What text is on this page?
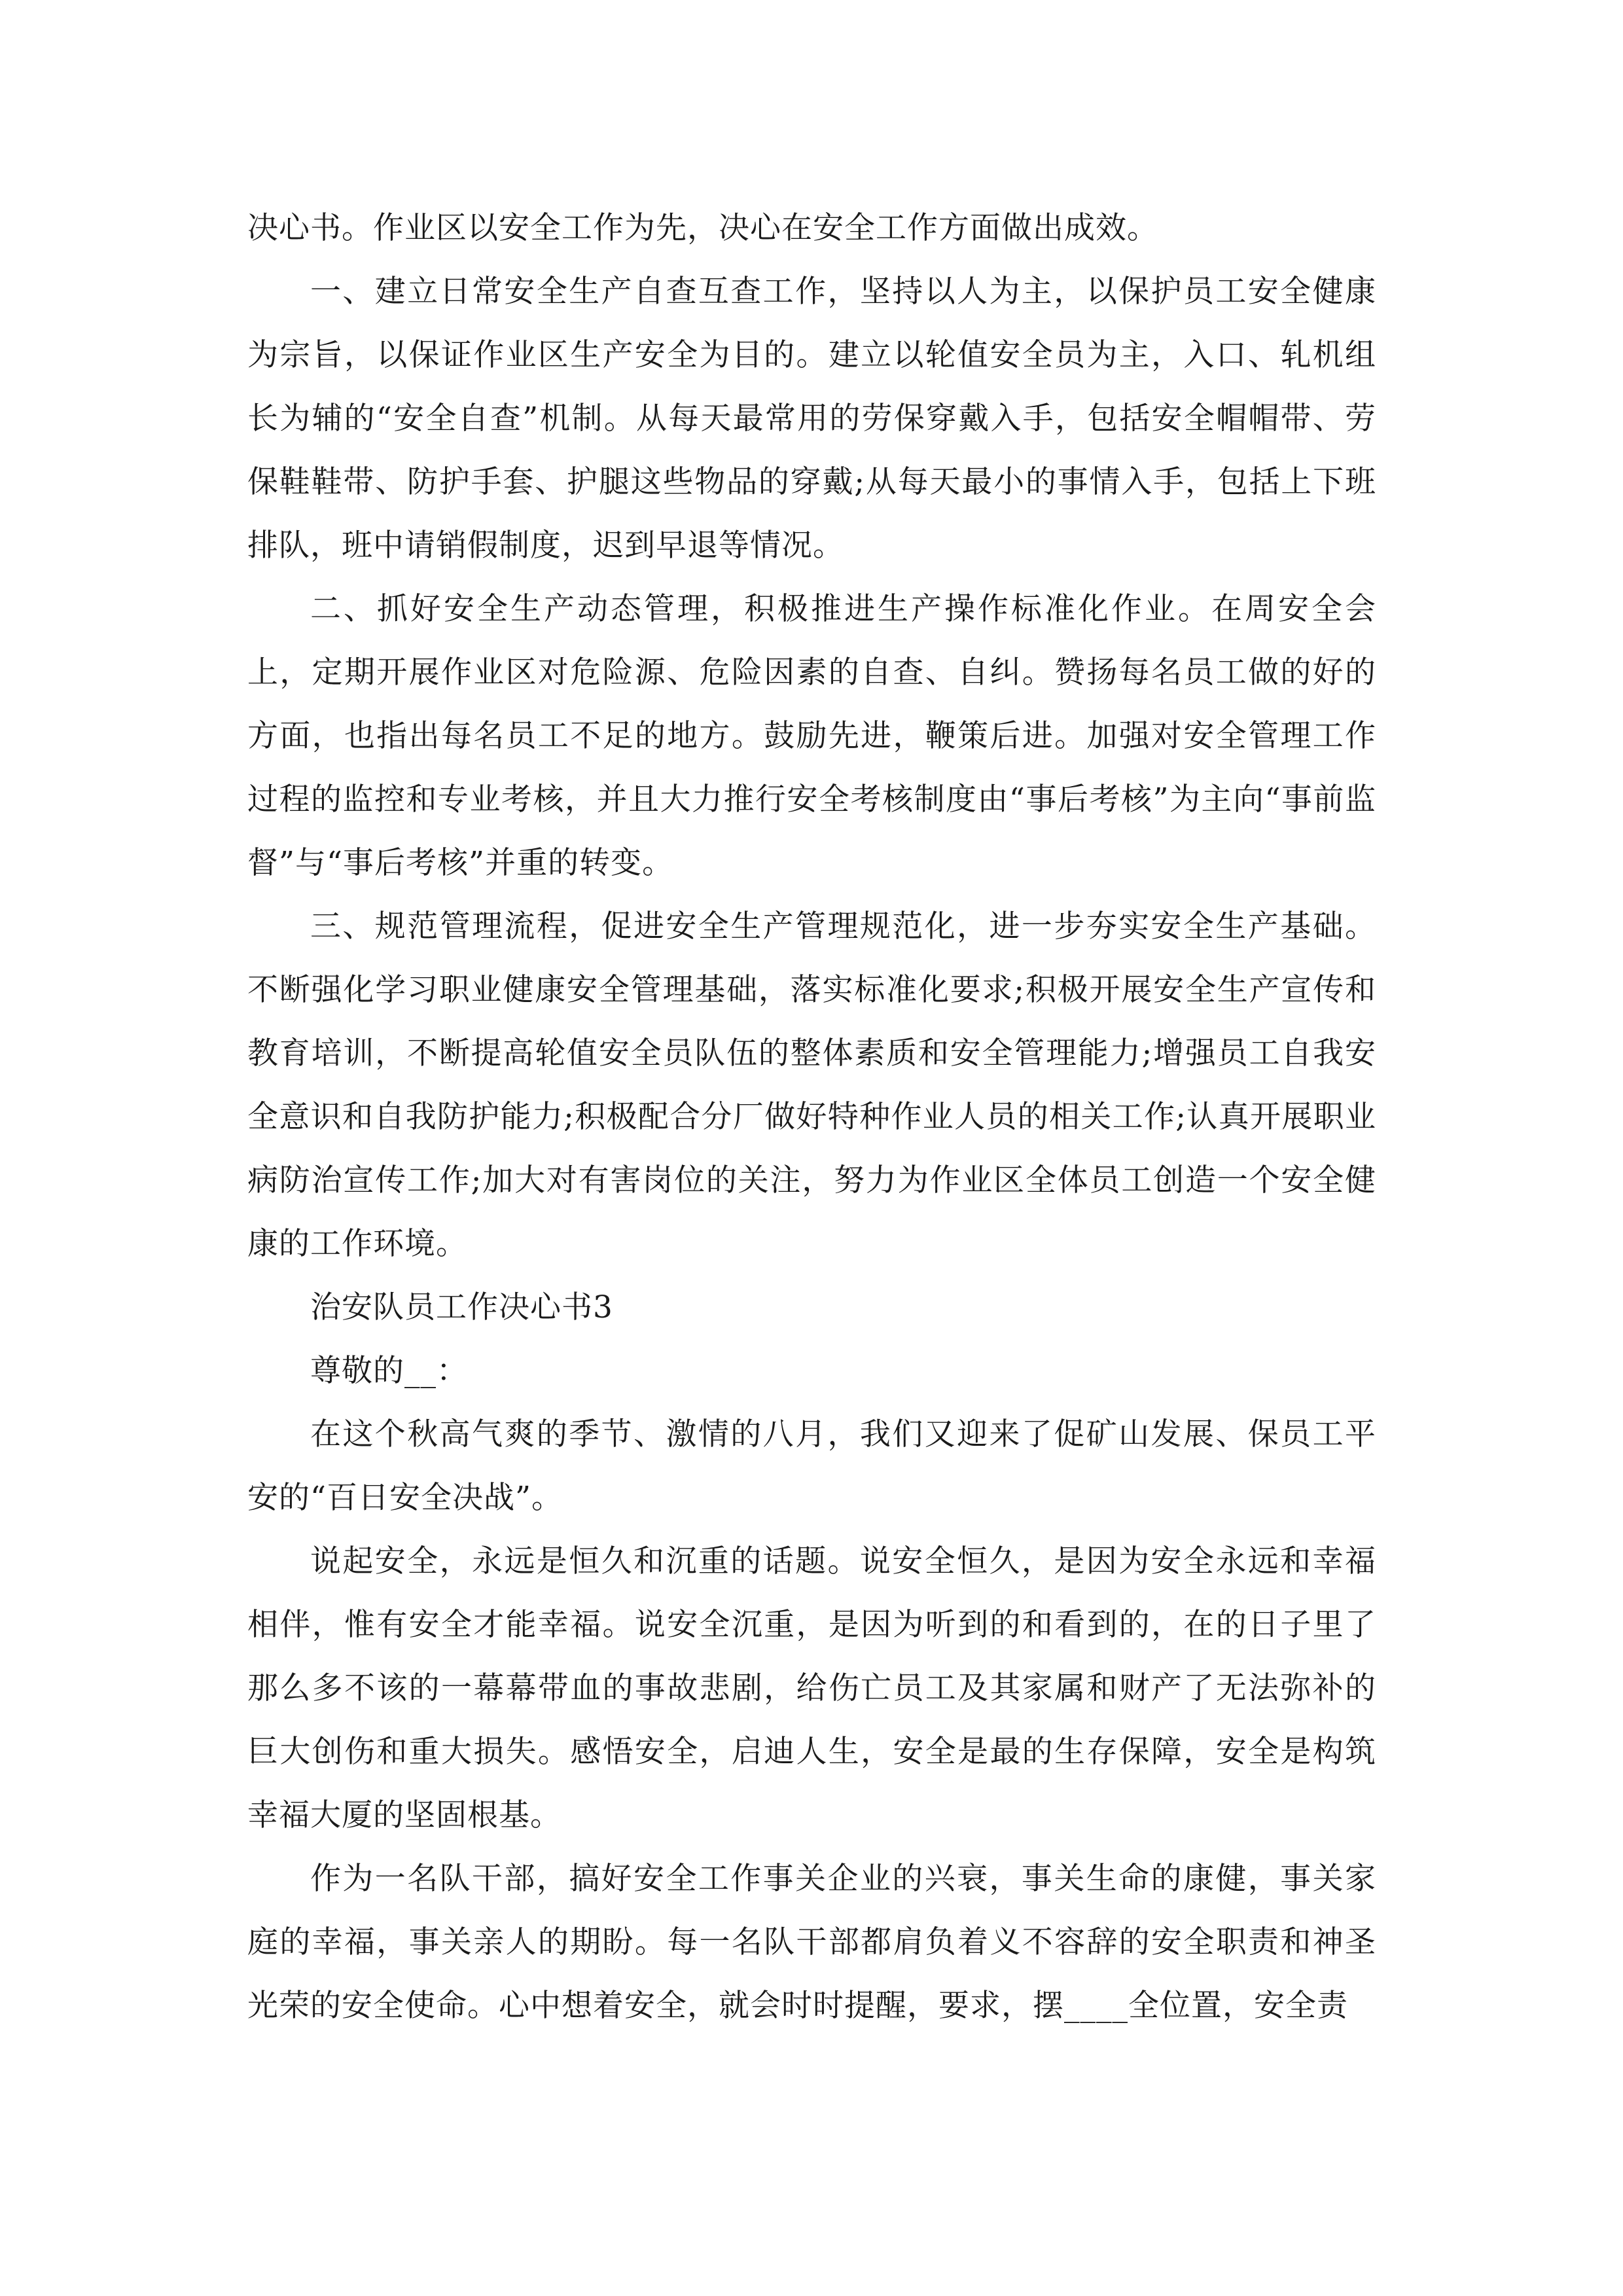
决心书。作业区以安全工作为先，决心在安全工作方面做出成效。

一、建立日常安全生产自查互查工作，坚持以人为主，以保护员工安全健康为宗旨，以保证作业区生产安全为目的。建立以轮值安全员为主，入口、轧机组长为辅的“安全自查”机制。从每天最常用的劳保穿戴入手，包括安全帽帽带、劳保鞋鞋带、防护手套、护腿这些物品的穿戴;从每天最小的事情入手，包括上下班排队，班中请销假制度，迟到早退等情况。

二、抓好安全生产动态管理，积极推进生产操作标准化作业。在周安全会上，定期开展作业区对危险源、危险因素的自查、自纠。赞扬每名员工做的好的方面，也指出每名员工不足的地方。鼓励先进，鞭策后进。加强对安全管理工作过程的监控和专业考核，并且大力推行安全考核制度由“事后考核”为主向“事前监督”与“事后考核”并重的转变。

三、规范管理流程，促进安全生产管理规范化，进一步夯实安全生产基础。不断强化学习职业健康安全管理基础，落实标准化要求;积极开展安全生产宣传和教育培训，不断提高轮值安全员队伍的整体素质和安全管理能力;增强员工自我安全意识和自我防护能力;积极配合分厂做好特种作业人员的相关工作;认真开展职业病防治宣传工作;加大对有害岗位的关注，努力为作业区全体员工创造一个安全健康的工作环境。

治安队员工作决心书3

尊敬的__：

在这个秋高气爽的季节、激情的八月，我们又迎来了促矿山发展、保员工平安的“百日安全决战”。

说起安全，永远是恒久和沉重的话题。说安全恒久，是因为安全永远和幸福相伴，惟有安全才能幸福。说安全沉重，是因为听到的和看到的，在的日子里了那么多不该的一幕幕带血的事故悲剧，给伤亡员工及其家属和财产了无法弥补的巨大创伤和重大损失。感悟安全，启迪人生，安全是最的生存保障，安全是构筑幸福大厦的坚固根基。

作为一名队干部，搞好安全工作事关企业的兴衰，事关生命的康健，事关家庭的幸福，事关亲人的期盼。每一名队干部都肩负着义不容辞的安全职责和神圣光荣的安全使命。心中想着安全，就会时时提醒，要求，摆____全位置，安全责
